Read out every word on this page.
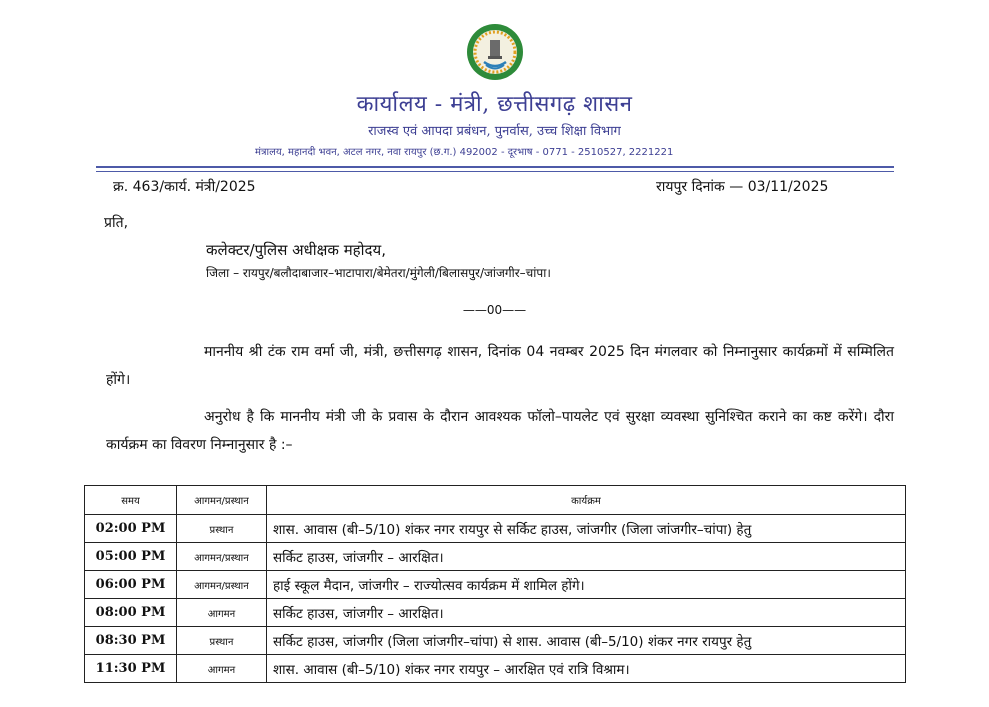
कार्यालय - मंत्री, छत्तीसगढ़ शासन
राजस्व एवं आपदा प्रबंधन, पुनर्वास, उच्च शिक्षा विभाग
मंत्रालय, महानदी भवन, अटल नगर, नवा रायपुर (छ.ग.) 492002 - दूरभाष - 0771 - 2510527, 2221221
क्र. 463/कार्य. मंत्री/2025	रायपुर दिनांक — 03/11/2025
प्रति,
कलेक्टर/पुलिस अधीक्षक महोदय,
जिला – रायपुर/बलौदाबाजार–भाटापारा/बेमेतरा/मुंगेली/बिलासपुर/जांजगीर–चांपा।
——00——
माननीय श्री टंक राम वर्मा जी, मंत्री, छत्तीसगढ़ शासन, दिनांक 04 नवम्बर 2025 दिन मंगलवार को निम्नानुसार कार्यक्रमों में सम्मिलित होंगे।
अनुरोध है कि माननीय मंत्री जी के प्रवास के दौरान आवश्यक फॉलो–पायलेट एवं सुरक्षा व्यवस्था सुनिश्चित कराने का कष्ट करेंगे। दौरा कार्यक्रम का विवरण निम्नानुसार है :–
समय	आगमन/प्रस्थान	कार्यक्रम
02:00 PM	प्रस्थान	शास. आवास (बी–5/10) शंकर नगर रायपुर से सर्किट हाउस, जांजगीर (जिला जांजगीर–चांपा) हेतु
05:00 PM	आगमन/प्रस्थान	सर्किट हाउस, जांजगीर – आरक्षित।
06:00 PM	आगमन/प्रस्थान	हाई स्कूल मैदान, जांजगीर – राज्योत्सव कार्यक्रम में शामिल होंगे।
08:00 PM	आगमन	सर्किट हाउस, जांजगीर – आरक्षित।
08:30 PM	प्रस्थान	सर्किट हाउस, जांजगीर (जिला जांजगीर–चांपा) से शास. आवास (बी–5/10) शंकर नगर रायपुर हेतु
11:30 PM	आगमन	शास. आवास (बी–5/10) शंकर नगर रायपुर – आरक्षित एवं रात्रि विश्राम।
